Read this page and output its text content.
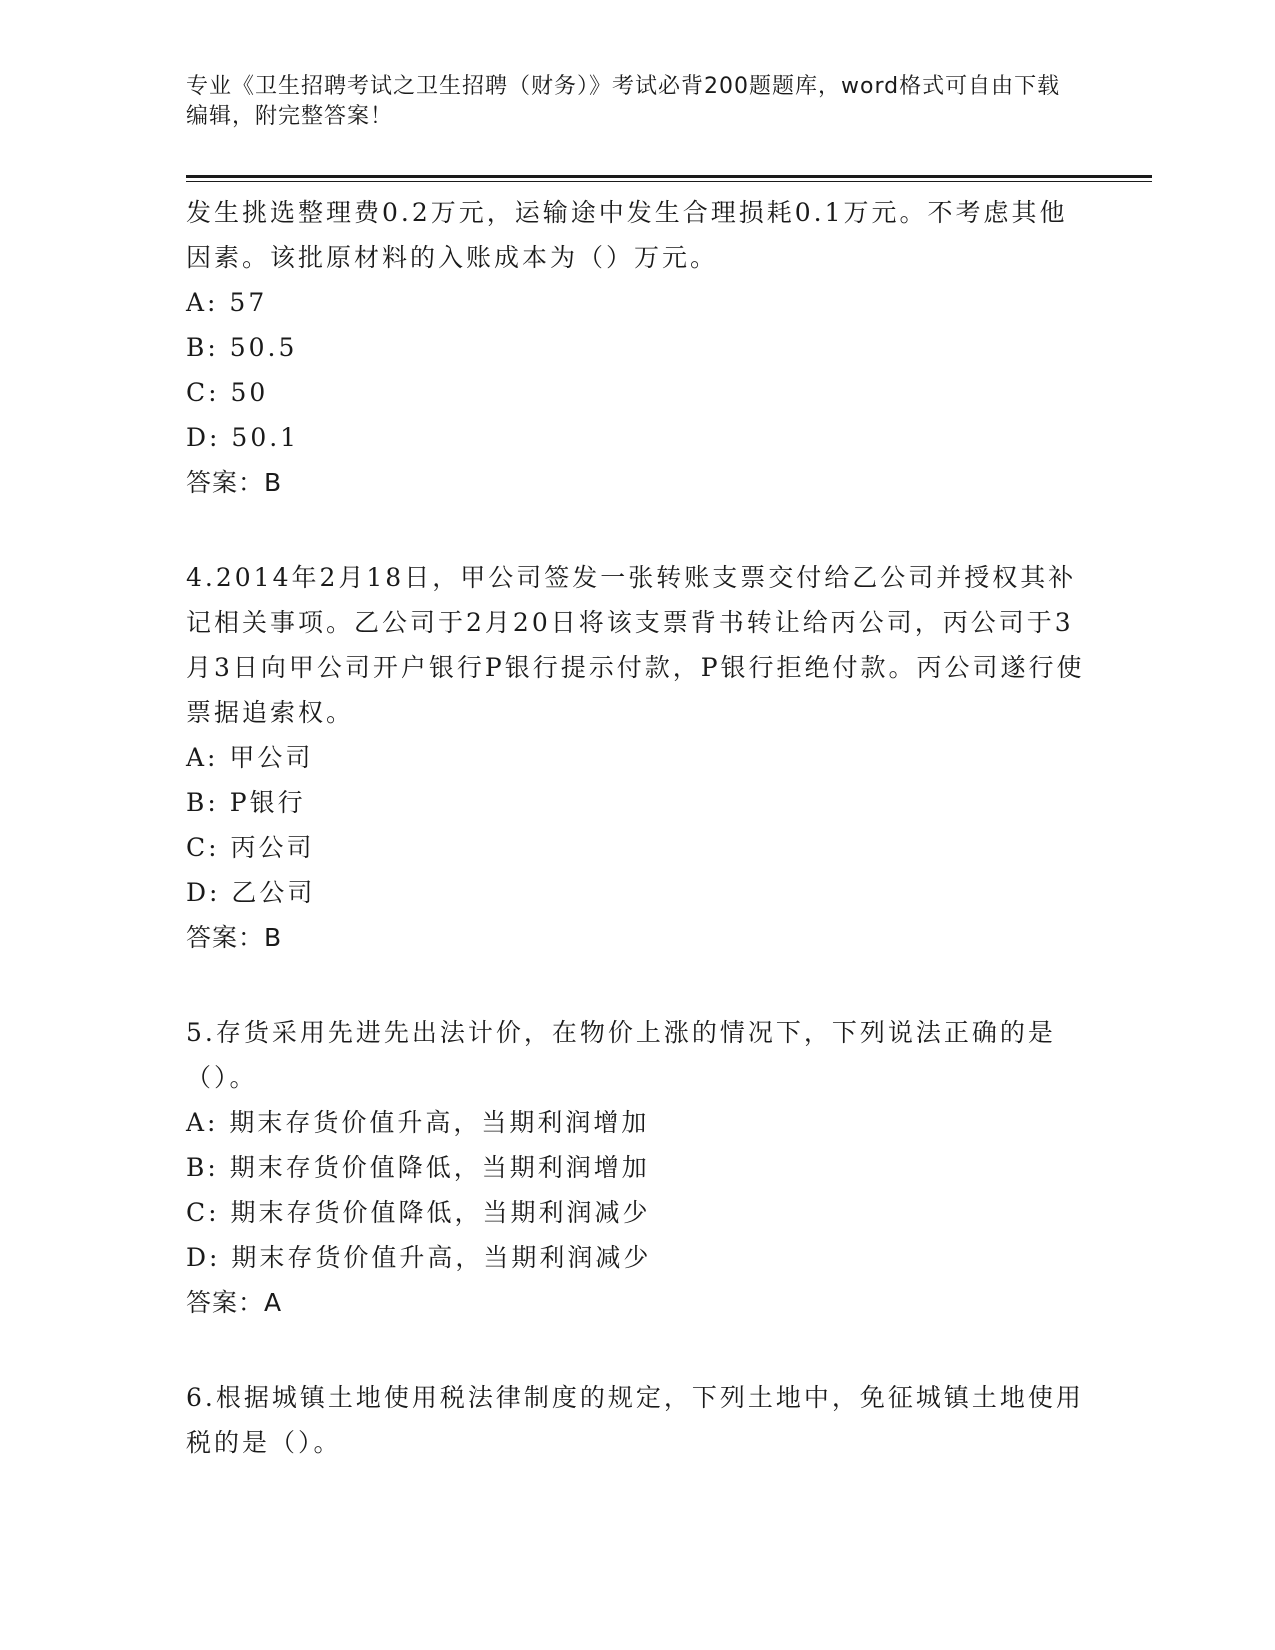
专业《卫生招聘考试之卫生招聘（财务）》考试必背200题题库，word格式可自由下载编辑，附完整答案！
发生挑选整理费0.2万元，运输途中发生合理损耗0.1万元。不考虑其他因素。该批原材料的入账成本为（）万元。
A: 57
B: 50.5
C: 50
D: 50.1
答案：B
4.2014年2月18日，甲公司签发一张转账支票交付给乙公司并授权其补记相关事项。乙公司于2月20日将该支票背书转让给丙公司，丙公司于3月3日向甲公司开户银行P银行提示付款，P银行拒绝付款。丙公司遂行使票据追索权。
A: 甲公司
B: P银行
C: 丙公司
D: 乙公司
答案：B
5.存货采用先进先出法计价，在物价上涨的情况下，下列说法正确的是（）。
A: 期末存货价值升高，当期利润增加
B: 期末存货价值降低，当期利润增加
C: 期末存货价值降低，当期利润减少
D: 期末存货价值升高，当期利润减少
答案：A
6.根据城镇土地使用税法律制度的规定，下列土地中，免征城镇土地使用税的是（）。
